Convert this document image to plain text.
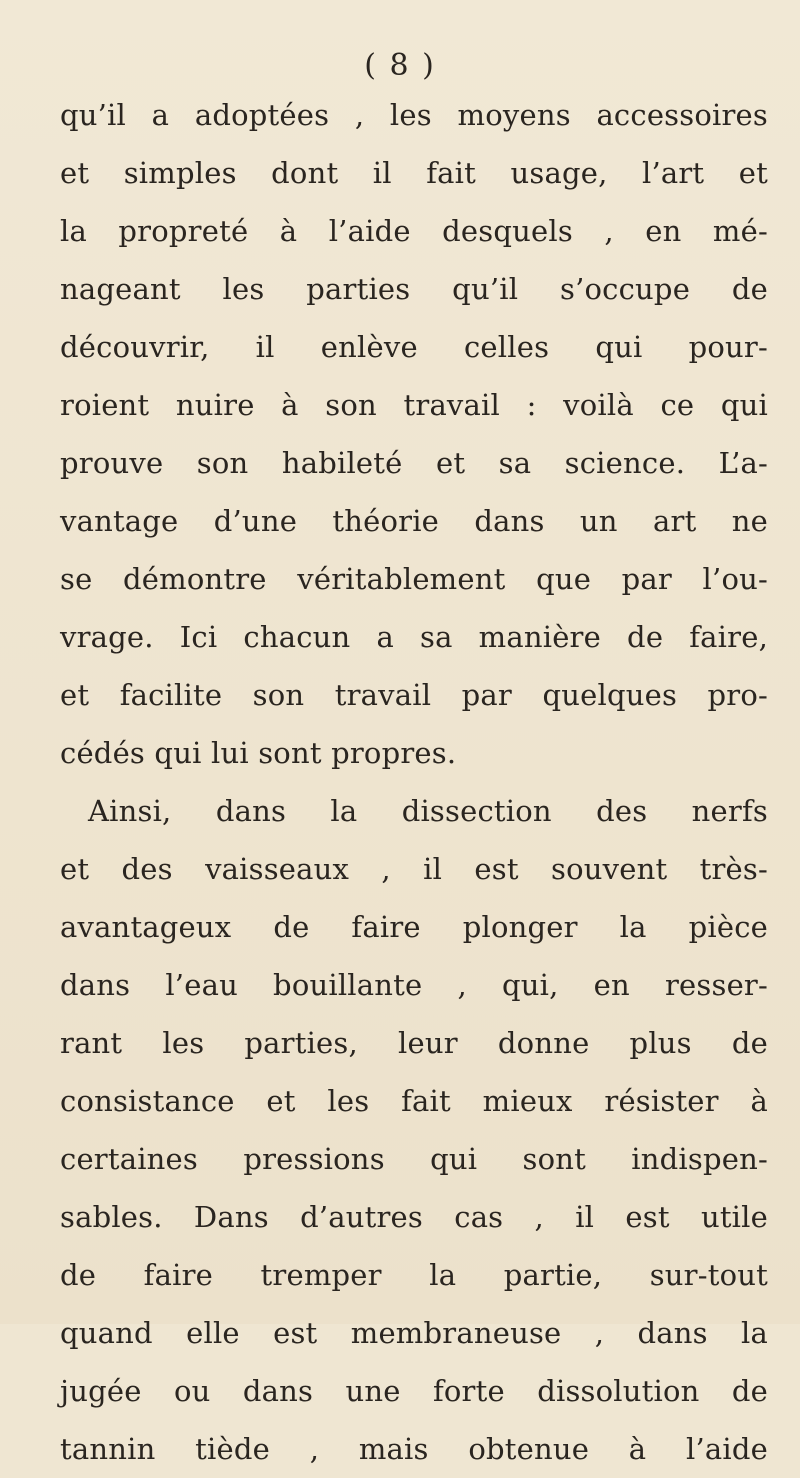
( 8 )
qu’il a adoptées , les moyens accessoires
et simples dont il fait usage, l’art et
la propreté à l’aide desquels , en mé-
nageant les parties qu’il s’occupe de
découvrir, il enlève celles qui pour-
roient nuire à son travail : voilà ce qui
prouve son habileté et sa science. L’a-
vantage d’une théorie dans un art ne
se démontre véritablement que par l’ou-
vrage. Ici chacun a sa manière de faire,
et facilite son travail par quelques pro-
cédés qui lui sont propres.
Ainsi, dans la dissection des nerfs
et des vaisseaux , il est souvent très-
avantageux de faire plonger la pièce
dans l’eau bouillante , qui, en resser-
rant les parties, leur donne plus de
consistance et les fait mieux résister à
certaines pressions qui sont indispen-
sables. Dans d’autres cas , il est utile
de faire tremper la partie, sur-tout
quand elle est membraneuse , dans la
jugée ou dans une forte dissolution de
tannin tiède , mais obtenue à l’aide
